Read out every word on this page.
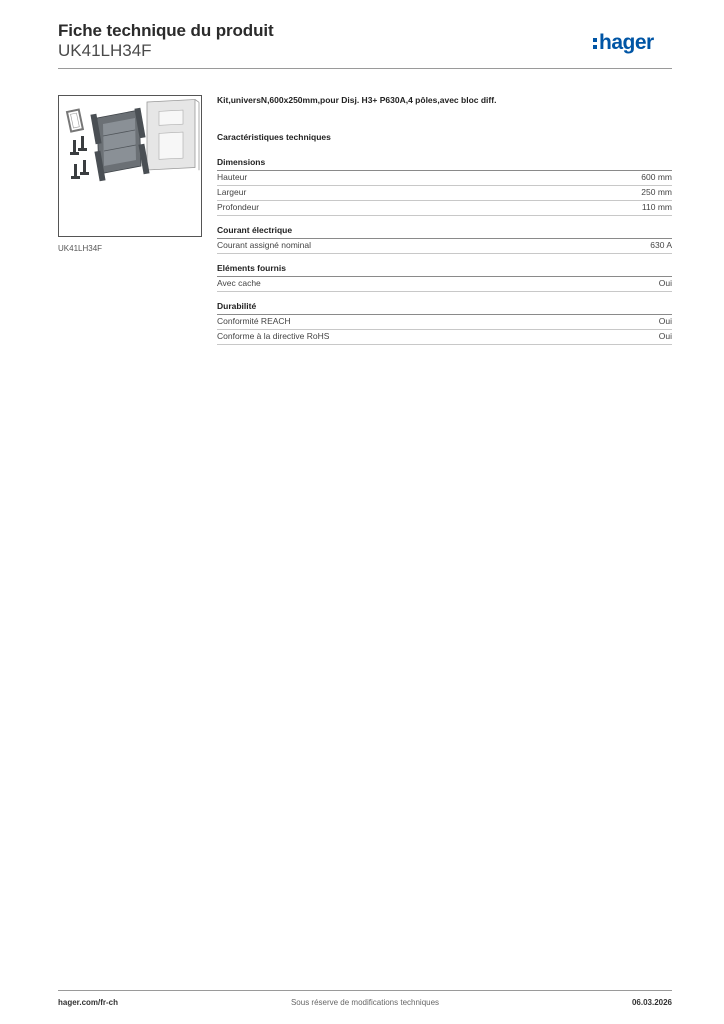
Fiche technique du produit
UK41LH34F	hager
UK41LH34F
Kit,universN,600x250mm,pour Disj. H3+ P630A,4 pôles,avec bloc diff.
Caractéristiques techniques
Dimensions
Hauteur	600 mm
Largeur	250 mm
Profondeur	110 mm
Courant électrique
Courant assigné nominal	630 A
Eléments fournis
Avec cache	Oui
Durabilité
Conformité REACH	Oui
Conforme à la directive RoHS	Oui
hager.com/fr-ch	Sous réserve de modifications techniques	06.03.2026
